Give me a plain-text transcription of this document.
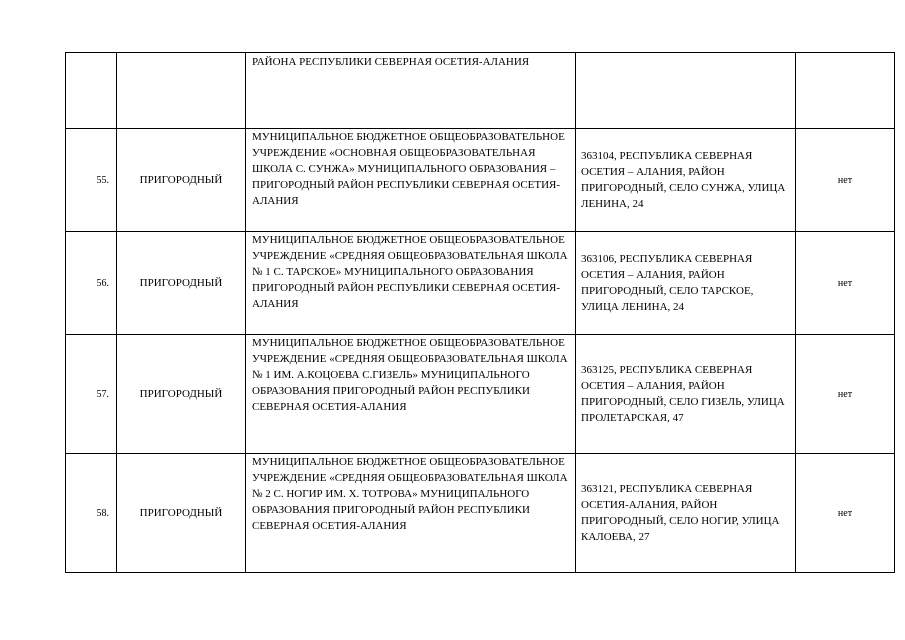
		РАЙОНА РЕСПУБЛИКИ СЕВЕРНАЯ ОСЕТИЯ-АЛАНИЯ		
55.	ПРИГОРОДНЫЙ	МУНИЦИПАЛЬНОЕ БЮДЖЕТНОЕ ОБЩЕОБРАЗОВАТЕЛЬНОЕ УЧРЕЖДЕНИЕ «ОСНОВНАЯ ОБЩЕОБРАЗОВАТЕЛЬНАЯ ШКОЛА С. СУНЖА» МУНИЦИПАЛЬНОГО ОБРАЗОВАНИЯ – ПРИГОРОДНЫЙ РАЙОН РЕСПУБЛИКИ СЕВЕРНАЯ ОСЕТИЯ-АЛАНИЯ	363104, РЕСПУБЛИКА СЕВЕРНАЯ ОСЕТИЯ – АЛАНИЯ, РАЙОН ПРИГОРОДНЫЙ, СЕЛО СУНЖА, УЛИЦА ЛЕНИНА, 24	нет
56.	ПРИГОРОДНЫЙ	МУНИЦИПАЛЬНОЕ БЮДЖЕТНОЕ ОБЩЕОБРАЗОВАТЕЛЬНОЕ УЧРЕЖДЕНИЕ «СРЕДНЯЯ ОБЩЕОБРАЗОВАТЕЛЬНАЯ ШКОЛА № 1 С. ТАРСКОЕ» МУНИЦИПАЛЬНОГО ОБРАЗОВАНИЯ ПРИГОРОДНЫЙ РАЙОН РЕСПУБЛИКИ СЕВЕРНАЯ ОСЕТИЯ-АЛАНИЯ	363106, РЕСПУБЛИКА СЕВЕРНАЯ ОСЕТИЯ – АЛАНИЯ, РАЙОН ПРИГОРОДНЫЙ, СЕЛО ТАРСКОЕ, УЛИЦА ЛЕНИНА, 24	нет
57.	ПРИГОРОДНЫЙ	МУНИЦИПАЛЬНОЕ БЮДЖЕТНОЕ ОБЩЕОБРАЗОВАТЕЛЬНОЕ УЧРЕЖДЕНИЕ «СРЕДНЯЯ ОБЩЕОБРАЗОВАТЕЛЬНАЯ ШКОЛА № 1 ИМ. А.КОЦОЕВА С.ГИЗЕЛЬ» МУНИЦИПАЛЬНОГО ОБРАЗОВАНИЯ ПРИГОРОДНЫЙ РАЙОН РЕСПУБЛИКИ СЕВЕРНАЯ ОСЕТИЯ-АЛАНИЯ	363125, РЕСПУБЛИКА СЕВЕРНАЯ ОСЕТИЯ – АЛАНИЯ, РАЙОН ПРИГОРОДНЫЙ, СЕЛО ГИЗЕЛЬ, УЛИЦА ПРОЛЕТАРСКАЯ, 47	нет
58.	ПРИГОРОДНЫЙ	МУНИЦИПАЛЬНОЕ БЮДЖЕТНОЕ ОБЩЕОБРАЗОВАТЕЛЬНОЕ УЧРЕЖДЕНИЕ «СРЕДНЯЯ ОБЩЕОБРАЗОВАТЕЛЬНАЯ ШКОЛА № 2 С. НОГИР ИМ. Х. ТОТРОВА» МУНИЦИПАЛЬНОГО ОБРАЗОВАНИЯ ПРИГОРОДНЫЙ РАЙОН РЕСПУБЛИКИ СЕВЕРНАЯ ОСЕТИЯ-АЛАНИЯ	363121, РЕСПУБЛИКА СЕВЕРНАЯ ОСЕТИЯ-АЛАНИЯ, РАЙОН ПРИГОРОДНЫЙ, СЕЛО НОГИР, УЛИЦА КАЛОЕВА, 27	нет
